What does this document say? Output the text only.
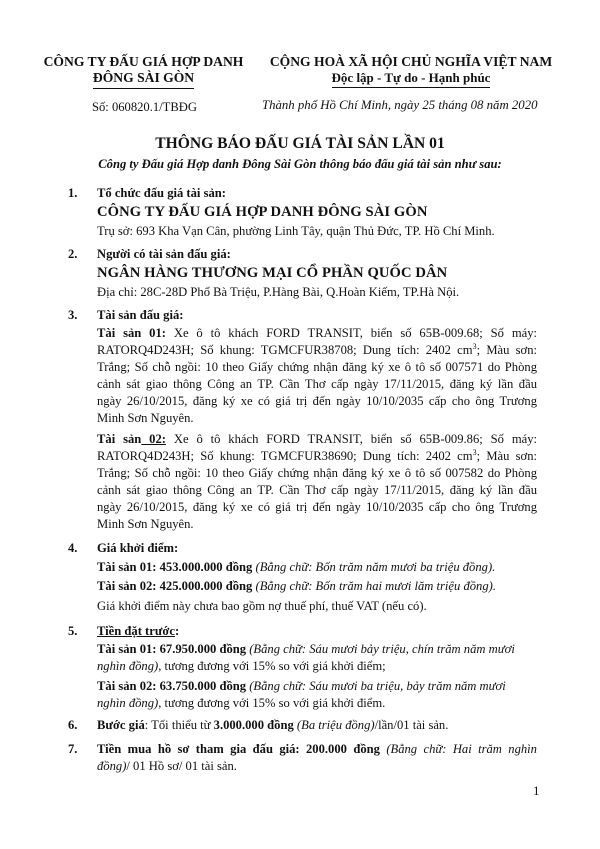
CÔNG TY ĐẤU GIÁ HỢP DANH
ĐÔNG SÀI GÒN
CỘNG HOÀ XÃ HỘI CHỦ NGHĨA VIỆT NAM
Độc lập - Tự do - Hạnh phúc
Số: 060820.1/TBĐG	Thành phố Hồ Chí Minh, ngày 25 tháng 08 năm 2020
THÔNG BÁO ĐẤU GIÁ TÀI SẢN LẦN 01
Công ty Đấu giá Hợp danh Đông Sài Gòn thông báo đấu giá tài sản như sau:
1. Tổ chức đấu giá tài sản:
CÔNG TY ĐẤU GIÁ HỢP DANH ĐÔNG SÀI GÒN
Trụ sở: 693 Kha Vạn Cân, phường Linh Tây, quận Thủ Đức, TP. Hồ Chí Minh.
2. Người có tài sản đấu giá:
NGÂN HÀNG THƯƠNG MẠI CỔ PHẦN QUỐC DÂN
Địa chỉ: 28C-28D Phố Bà Triệu, P.Hàng Bài, Q.Hoàn Kiếm, TP.Hà Nội.
3. Tài sản đấu giá:
Tài sản 01: Xe ô tô khách FORD TRANSIT, biển số 65B-009.68; Số máy:
RATORQ4D243H; Số khung: TGMCFUR38708; Dung tích: 2402 $cm^3$; Màu sơn:
Trắng; Số chỗ ngồi: 10 theo Giấy chứng nhận đăng ký xe ô tô số 007571 do Phòng
cảnh sát giao thông Công an TP. Cần Thơ cấp ngày 17/11/2015, đăng ký lần đầu
ngày 26/10/2015, đăng ký xe có giá trị đến ngày 10/10/2035 cấp cho ông Trương
Minh Sơn Nguyên.
Tài sản 02: Xe ô tô khách FORD TRANSIT, biển số 65B-009.86; Số máy:
RATORQ4D243H; Số khung: TGMCFUR38690; Dung tích: 2402 $cm^3$; Màu sơn:
Trắng; Số chỗ ngồi: 10 theo Giấy chứng nhận đăng ký xe ô tô số 007582 do Phòng
cảnh sát giao thông Công an TP. Cần Thơ cấp ngày 17/11/2015, đăng ký lần đầu
ngày 26/10/2015, đăng ký xe có giá trị đến ngày 10/10/2035 cấp cho ông Trương
Minh Sơn Nguyên.
4. Giá khởi điểm:
Tài sản 01: 453.000.000 đồng (Bằng chữ: Bốn trăm năm mươi ba triệu đồng).
Tài sản 02: 425.000.000 đồng (Bằng chữ: Bốn trăm hai mươi lăm triệu đồng).
Giá khởi điểm này chưa bao gồm nợ thuế phí, thuế VAT (nếu có).
5. Tiền đặt trước:
Tài sản 01: 67.950.000 đồng (Bằng chữ: Sáu mươi bảy triệu, chín trăm năm mươi
nghìn đồng), tương đương với 15% so với giá khởi điểm;
Tài sản 02: 63.750.000 đồng (Bằng chữ: Sáu mươi ba triệu, bảy trăm năm mươi
nghìn đồng), tương đương với 15% so với giá khởi điểm.
6. Bước giá: Tối thiểu từ 3.000.000 đồng (Ba triệu đồng)/lần/01 tài sản.
7. Tiền mua hồ sơ tham gia đấu giá: 200.000 đồng (Bằng chữ: Hai trăm nghìn
đồng)/ 01 Hồ sơ/ 01 tài sản.
1
